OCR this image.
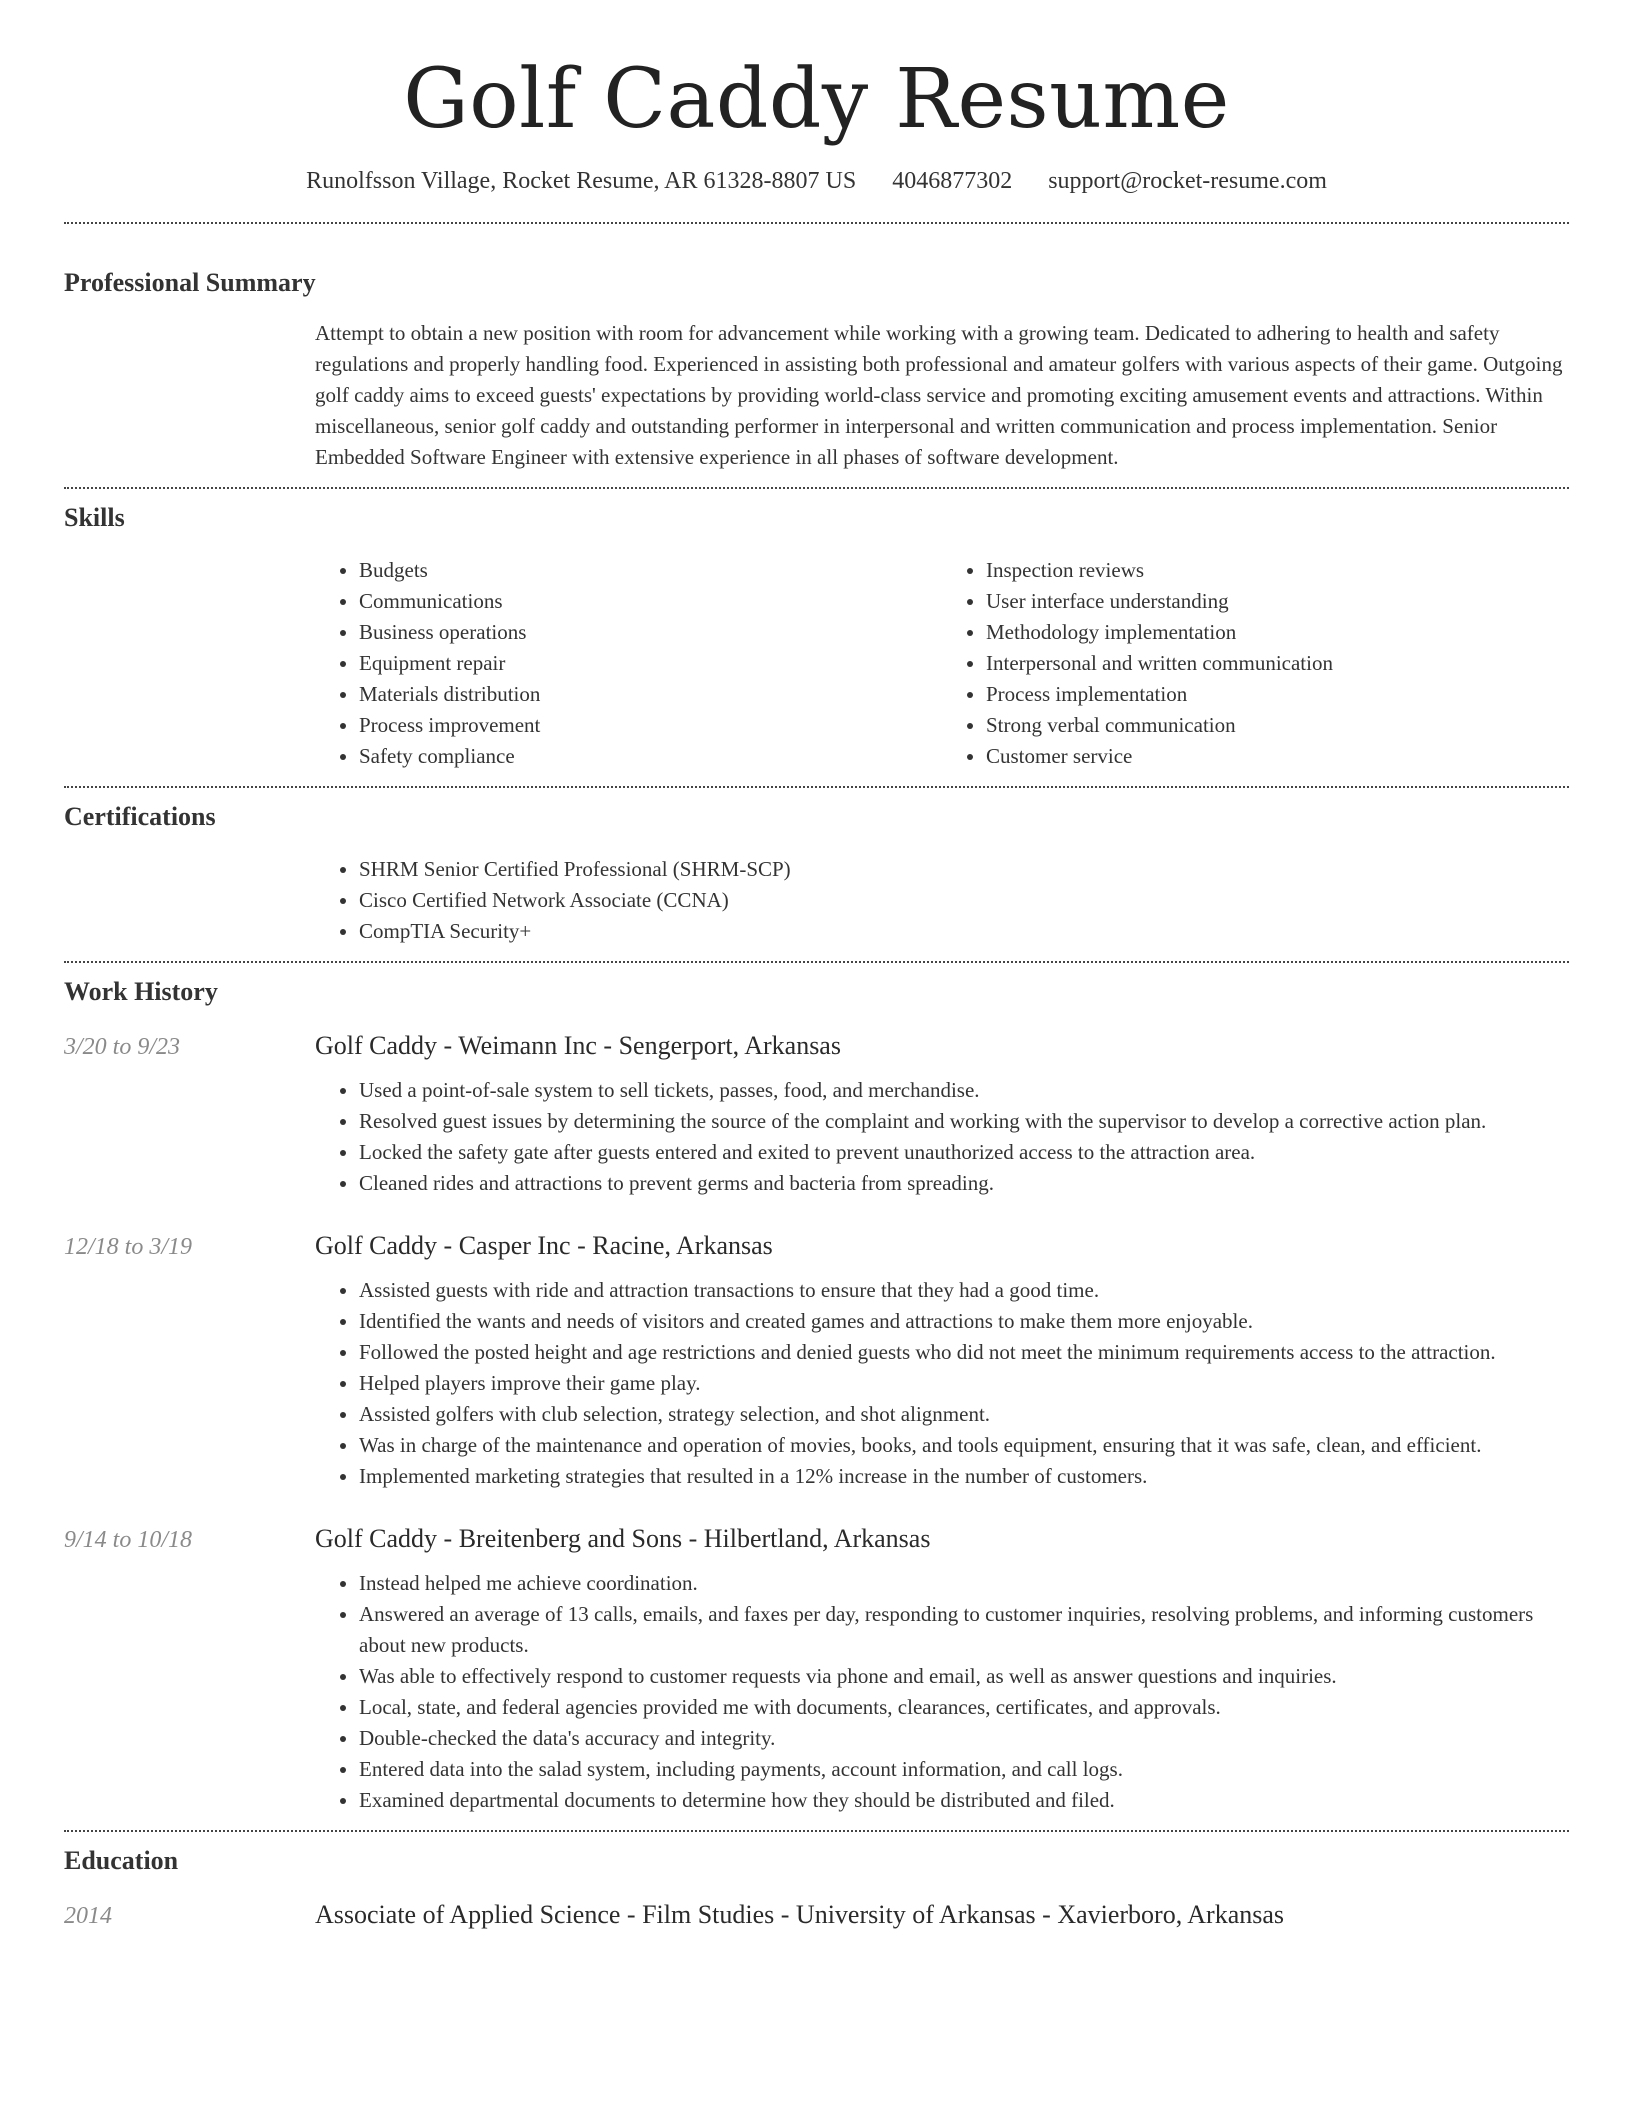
Golf Caddy Resume
Runolfsson Village, Rocket Resume, AR 61328-8807 US 4046877302 support@rocket-resume.com
Professional Summary

Attempt to obtain a new position with room for advancement while working with a growing team. Dedicated to adhering to health and safety regulations and properly handling food. Experienced in assisting both professional and amateur golfers with various aspects of their game. Outgoing golf caddy aims to exceed guests' expectations by providing world-class service and promoting exciting amusement events and attractions. Within miscellaneous, senior golf caddy and outstanding performer in interpersonal and written communication and process implementation. Senior Embedded Software Engineer with extensive experience in all phases of software development.

Skills
• Budgets
• Communications
• Business operations
• Equipment repair
• Materials distribution
• Process improvement
• Safety compliance
• Inspection reviews
• User interface understanding
• Methodology implementation
• Interpersonal and written communication
• Process implementation
• Strong verbal communication
• Customer service
Certifications
• SHRM Senior Certified Professional (SHRM-SCP)
• Cisco Certified Network Associate (CCNA)
• CompTIA Security+
Work History
3/20 to 9/23	Golf Caddy - Weimann Inc - Sengerport, Arkansas
• Used a point-of-sale system to sell tickets, passes, food, and merchandise.
• Resolved guest issues by determining the source of the complaint and working with the supervisor to develop a corrective action plan.
• Locked the safety gate after guests entered and exited to prevent unauthorized access to the attraction area.
• Cleaned rides and attractions to prevent germs and bacteria from spreading.
12/18 to 3/19	Golf Caddy - Casper Inc - Racine, Arkansas
• Assisted guests with ride and attraction transactions to ensure that they had a good time.
• Identified the wants and needs of visitors and created games and attractions to make them more enjoyable.
• Followed the posted height and age restrictions and denied guests who did not meet the minimum requirements access to the attraction.
• Helped players improve their game play.
• Assisted golfers with club selection, strategy selection, and shot alignment.
• Was in charge of the maintenance and operation of movies, books, and tools equipment, ensuring that it was safe, clean, and efficient.
• Implemented marketing strategies that resulted in a 12% increase in the number of customers.
9/14 to 10/18	Golf Caddy - Breitenberg and Sons - Hilbertland, Arkansas
• Instead helped me achieve coordination.
• Answered an average of 13 calls, emails, and faxes per day, responding to customer inquiries, resolving problems, and informing customers about new products.
• Was able to effectively respond to customer requests via phone and email, as well as answer questions and inquiries.
• Local, state, and federal agencies provided me with documents, clearances, certificates, and approvals.
• Double-checked the data's accuracy and integrity.
• Entered data into the salad system, including payments, account information, and call logs.
• Examined departmental documents to determine how they should be distributed and filed.
Education
2014	Associate of Applied Science - Film Studies - University of Arkansas - Xavierboro, Arkansas
